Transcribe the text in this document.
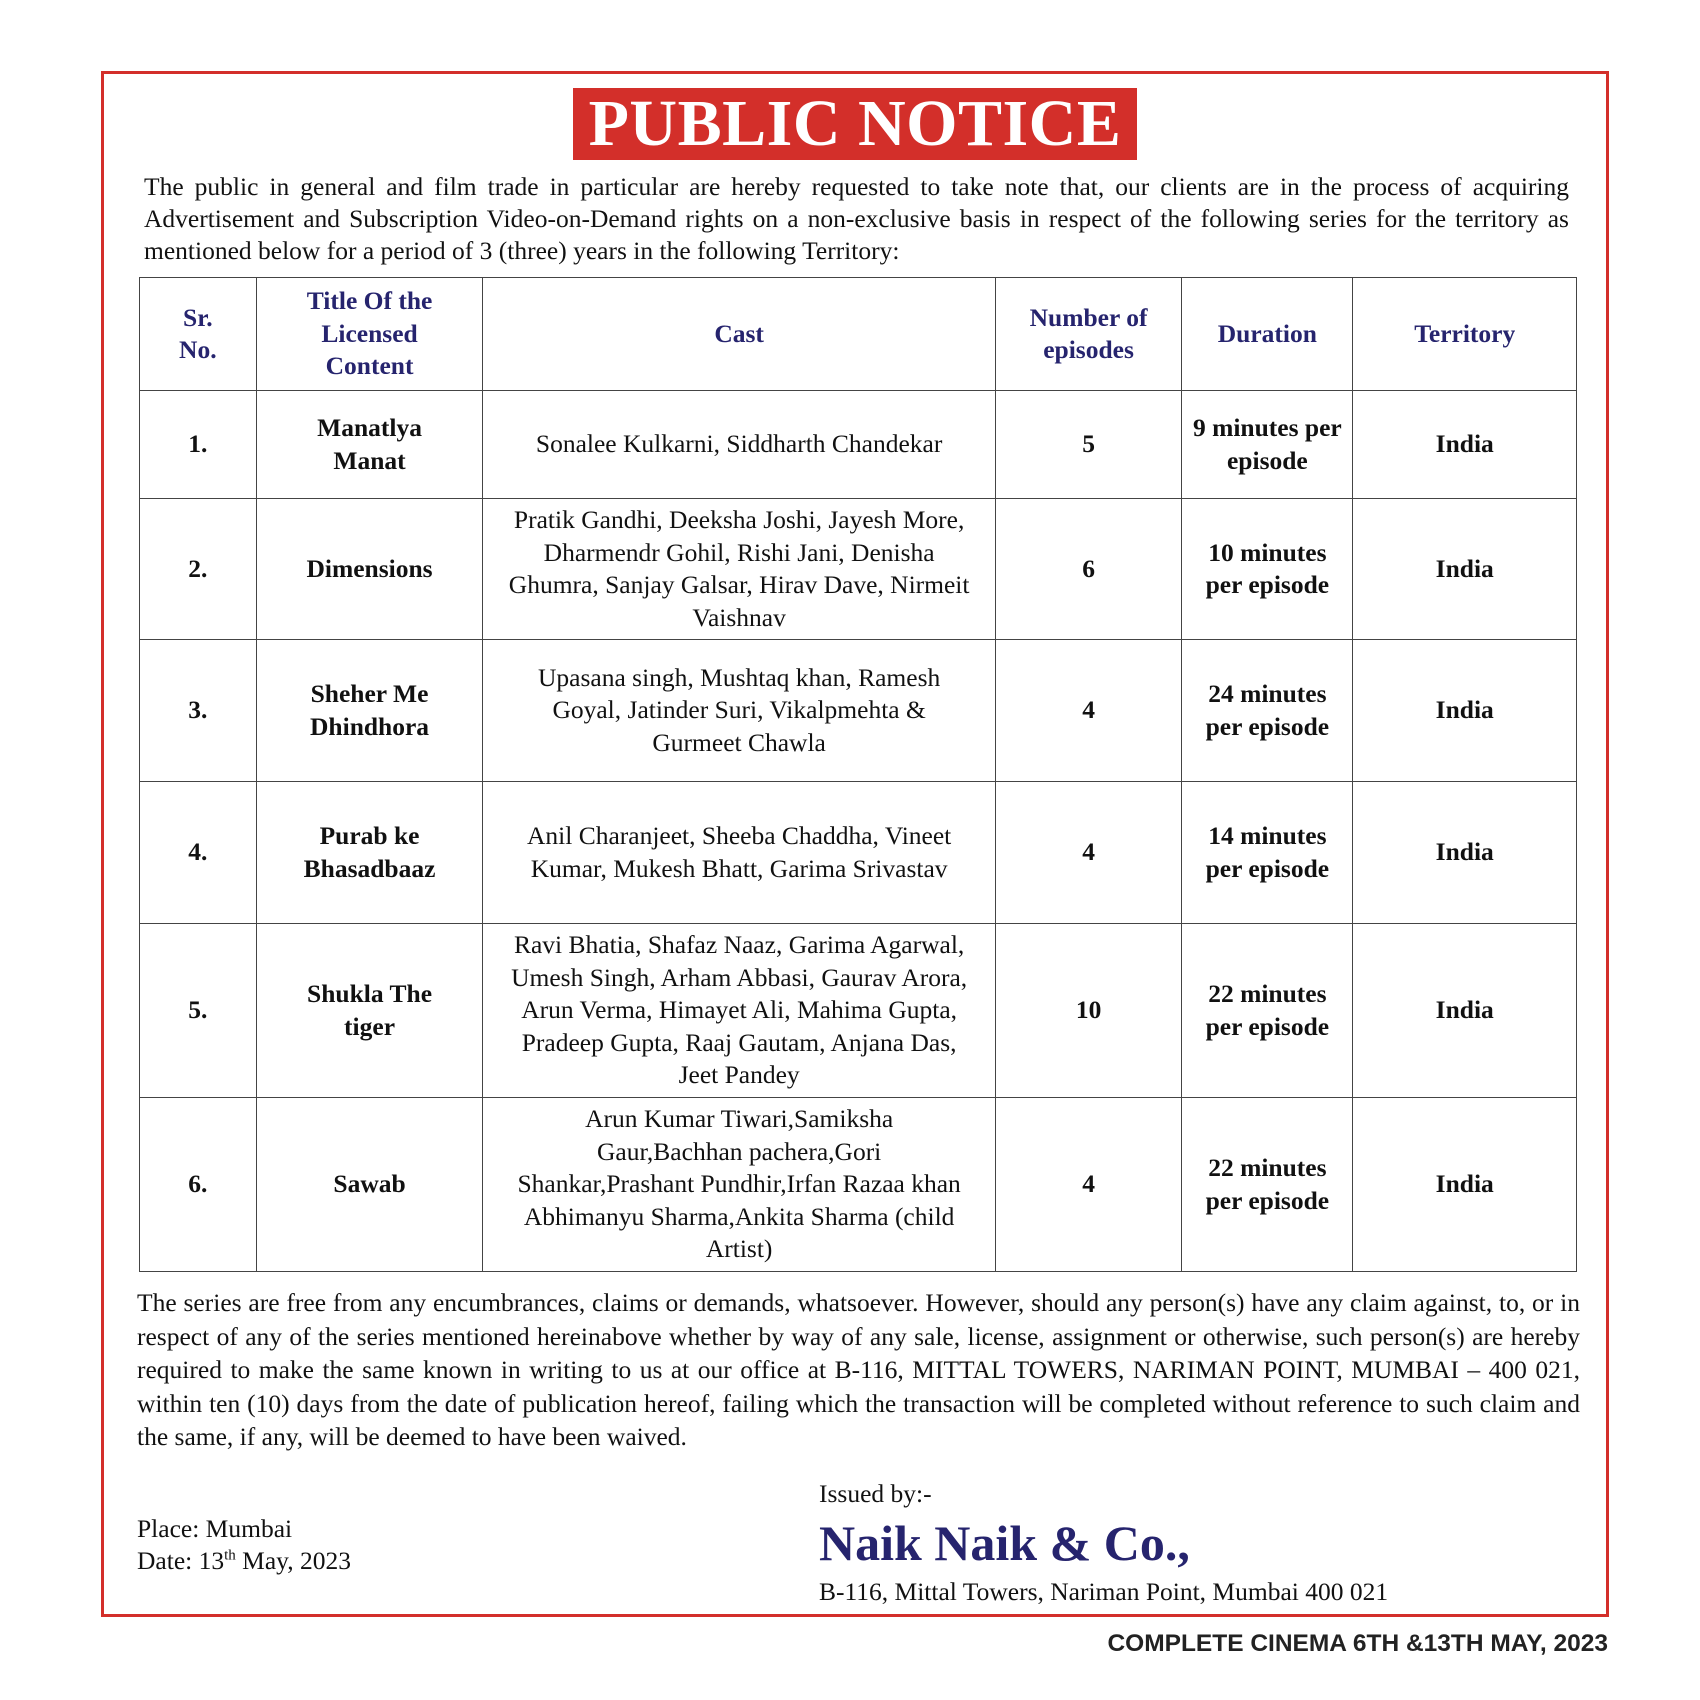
PUBLIC NOTICE
The public in general and film trade in particular are hereby requested to take note that, our clients are in the process of acquiring Advertisement and Subscription Video-on-Demand rights on a non-exclusive basis in respect of the following series for the territory as mentioned below for a period of 3 (three) years in the following Territory:
Sr. No.	Title Of the Licensed Content	Cast	Number of episodes	Duration	Territory
1.	Manatlya Manat	Sonalee Kulkarni, Siddharth Chandekar	5	9 minutes per episode	India
2.	Dimensions	Pratik Gandhi, Deeksha Joshi, Jayesh More, Dharmendr Gohil, Rishi Jani, Denisha Ghumra, Sanjay Galsar, Hirav Dave, Nirmeit Vaishnav	6	10 minutes per episode	India
3.	Sheher Me Dhindhora	Upasana singh, Mushtaq khan, Ramesh Goyal, Jatinder Suri, Vikalpmehta & Gurmeet Chawla	4	24 minutes per episode	India
4.	Purab ke Bhasadbaaz	Anil Charanjeet, Sheeba Chaddha, Vineet Kumar, Mukesh Bhatt, Garima Srivastav	4	14 minutes per episode	India
5.	Shukla The tiger	Ravi Bhatia, Shafaz Naaz, Garima Agarwal, Umesh Singh, Arham Abbasi, Gaurav Arora, Arun Verma, Himayet Ali, Mahima Gupta, Pradeep Gupta, Raaj Gautam, Anjana Das, Jeet Pandey	10	22 minutes per episode	India
6.	Sawab	Arun Kumar Tiwari,Samiksha Gaur,Bachhan pachera,Gori Shankar,Prashant Pundhir,Irfan Razaa khan Abhimanyu Sharma,Ankita Sharma (child Artist)	4	22 minutes per episode	India
The series are free from any encumbrances, claims or demands, whatsoever. However, should any person(s) have any claim against, to, or in respect of any of the series mentioned hereinabove whether by way of any sale, license, assignment or otherwise, such person(s) are hereby required to make the same known in writing to us at our office at B-116, MITTAL TOWERS, NARIMAN POINT, MUMBAI – 400 021, within ten (10) days from the date of publication hereof, failing which the transaction will be completed without reference to such claim and the same, if any, will be deemed to have been waived.
Place: Mumbai
Date: 13th May, 2023
Issued by:-
Naik Naik & Co.,
B-116, Mittal Towers, Nariman Point, Mumbai 400 021
COMPLETE CINEMA 6TH &13TH MAY, 2023
